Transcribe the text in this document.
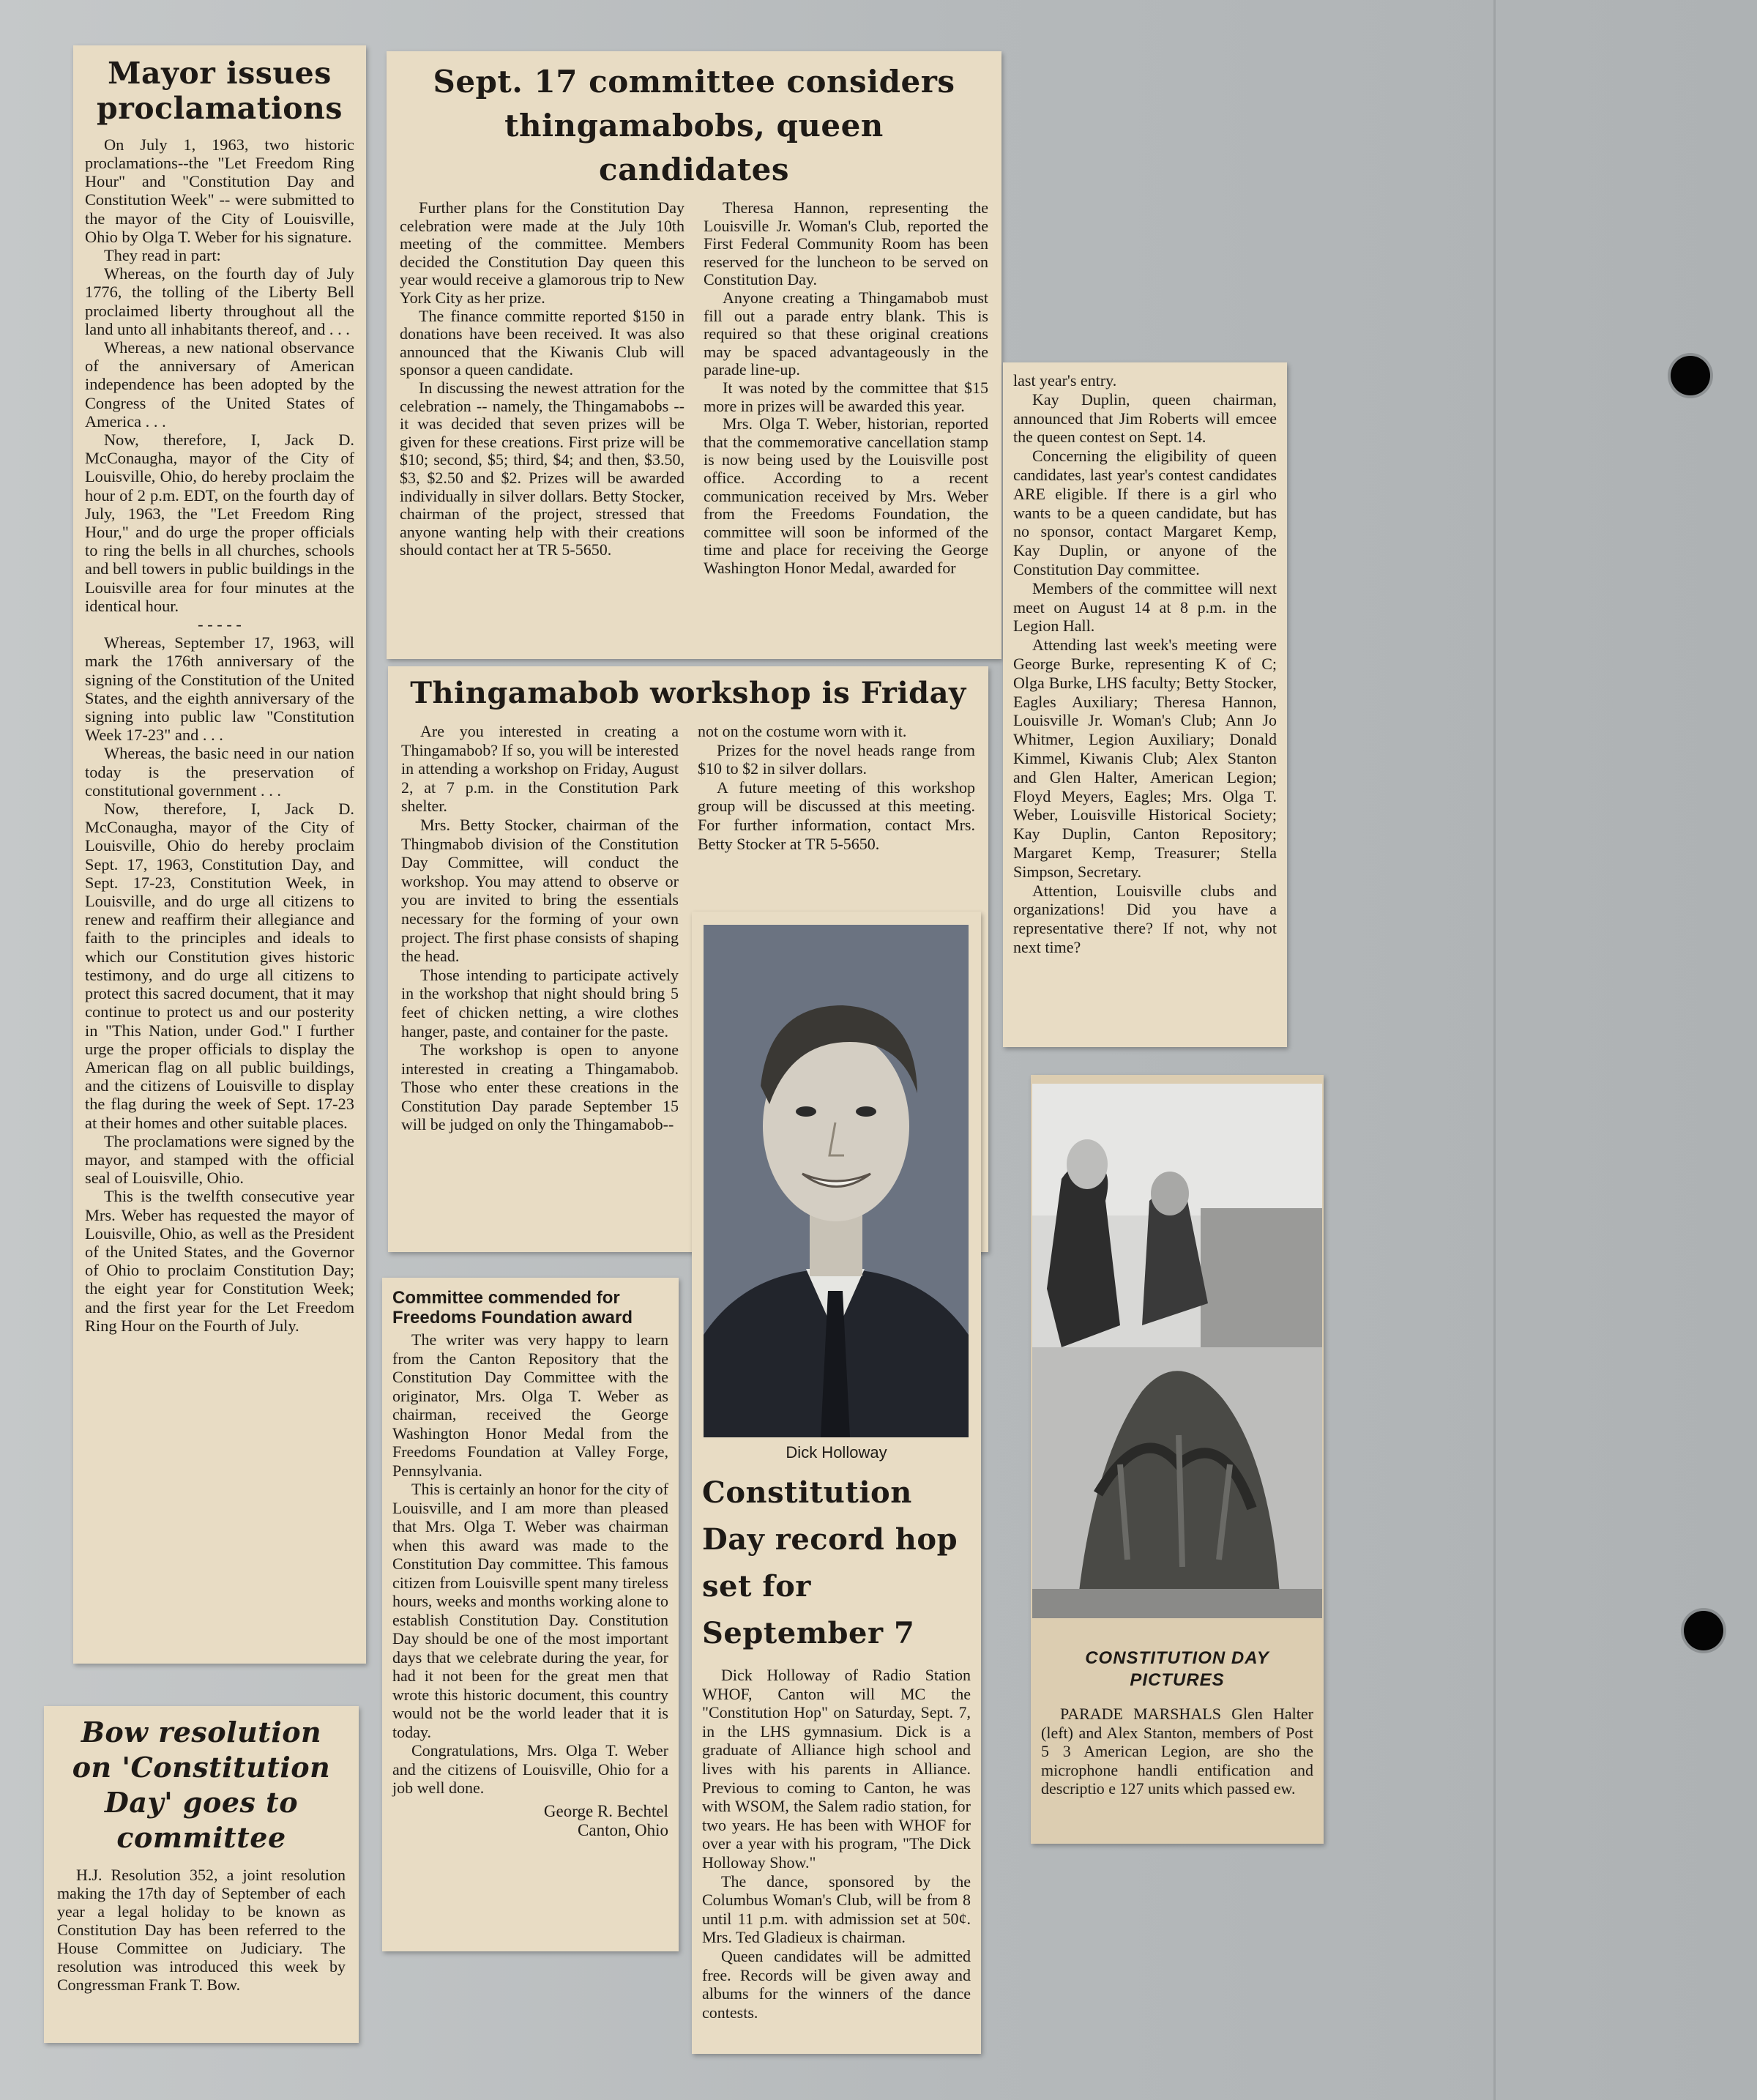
Mayor issues proclamations

On July 1, 1963, two historic proclamations--the "Let Freedom Ring Hour" and "Constitution Day and Constitution Week" -- were submitted to the mayor of the City of Louisville, Ohio by Olga T. Weber for his signature.

They read in part:

Whereas, on the fourth day of July 1776, the tolling of the Liberty Bell proclaimed liberty throughout all the land unto all inhabitants thereof, and . . .

Whereas, a new national observance of the anniversary of American independence has been adopted by the Congress of the United States of America . . .

Now, therefore, I, Jack D. McConaugha, mayor of the City of Louisville, Ohio, do hereby proclaim the hour of 2 p.m. EDT, on the fourth day of July, 1963, the "Let Freedom Ring Hour," and do urge the proper officials to ring the bells in all churches, schools and bell towers in public buildings in the Louisville area for four minutes at the identical hour.

- - - - -

Whereas, September 17, 1963, will mark the 176th anniversary of the signing of the Constitution of the United States, and the eighth anniversary of the signing into public law "Constitution Week 17-23" and . . .

Whereas, the basic need in our nation today is the preservation of constitutional government . . .

Now, therefore, I, Jack D. McConaugha, mayor of the City of Louisville, Ohio do hereby proclaim Sept. 17, 1963, Constitution Day, and Sept. 17-23, Constitution Week, in Louisville, and do urge all citizens to renew and reaffirm their allegiance and faith to the principles and ideals to which our Constitution gives historic testimony, and do urge all citizens to protect this sacred document, that it may continue to protect us and our posterity in "This Nation, under God." I further urge the proper officials to display the American flag on all public buildings, and the citizens of Louisville to display the flag during the week of Sept. 17-23 at their homes and other suitable places.

The proclamations were signed by the mayor, and stamped with the official seal of Louisville, Ohio.

This is the twelfth consecutive year Mrs. Weber has requested the mayor of Louisville, Ohio, as well as the President of the United States, and the Governor of Ohio to proclaim Constitution Day; the eight year for Constitution Week; and the first year for the Let Freedom Ring Hour on the Fourth of July.

Bow resolution on 'Constitution Day' goes to committee

H.J. Resolution 352, a joint resolution making the 17th day of September of each year a legal holiday to be known as Constitution Day has been referred to the House Committee on Judiciary. The resolution was introduced this week by Congressman Frank T. Bow.

Sept. 17 committee considers thingamabobs, queen candidates

Further plans for the Constitution Day celebration were made at the July 10th meeting of the committee. Members decided the Constitution Day queen this year would receive a glamorous trip to New York City as her prize.

The finance committe reported $150 in donations have been received. It was also announced that the Kiwanis Club will sponsor a queen candidate.

In discussing the newest attration for the celebration -- namely, the Thingamabobs -- it was decided that seven prizes will be given for these creations. First prize will be $10; second, $5; third, $4; and then, $3.50, $3, $2.50 and $2. Prizes will be awarded individually in silver dollars. Betty Stocker, chairman of the project, stressed that anyone wanting help with their creations should contact her at TR 5-5650.

Theresa Hannon, representing the Louisville Jr. Woman's Club, reported the First Federal Community Room has been reserved for the luncheon to be served on Constitution Day.

Anyone creating a Thingamabob must fill out a parade entry blank. This is required so that these original creations may be spaced advantageously in the parade line-up.

It was noted by the committee that $15 more in prizes will be awarded this year.

Mrs. Olga T. Weber, historian, reported that the commemorative cancellation stamp is now being used by the Louisville post office. According to a recent communication received by Mrs. Weber from the Freedoms Foundation, the committee will soon be informed of the time and place for receiving the George Washington Honor Medal, awarded for

last year's entry.

Kay Duplin, queen chairman, announced that Jim Roberts will emcee the queen contest on Sept. 14.

Concerning the eligibility of queen candidates, last year's contest candidates ARE eligible. If there is a girl who wants to be a queen candidate, but has no sponsor, contact Margaret Kemp, Kay Duplin, or anyone of the Constitution Day committee.

Members of the committee will next meet on August 14 at 8 p.m. in the Legion Hall.

Attending last week's meeting were George Burke, representing K of C; Olga Burke, LHS faculty; Betty Stocker, Eagles Auxiliary; Theresa Hannon, Louisville Jr. Woman's Club; Ann Jo Whitmer, Legion Auxiliary; Donald Kimmel, Kiwanis Club; Alex Stanton and Glen Halter, American Legion; Floyd Meyers, Eagles; Mrs. Olga T. Weber, Louisville Historical Society; Kay Duplin, Canton Repository; Margaret Kemp, Treasurer; Stella Simpson, Secretary.

Attention, Louisville clubs and organizations! Did you have a representative there? If not, why not next time?

Thingamabob workshop is Friday

Are you interested in creating a Thingamabob? If so, you will be interested in attending a workshop on Friday, August 2, at 7 p.m. in the Constitution Park shelter.

Mrs. Betty Stocker, chairman of the Thingmabob division of the Constitution Day Committee, will conduct the workshop. You may attend to observe or you are invited to bring the essentials necessary for the forming of your own project. The first phase consists of shaping the head.

Those intending to participate actively in the workshop that night should bring 5 feet of chicken netting, a wire clothes hanger, paste, and container for the paste.

The workshop is open to anyone interested in creating a Thingamabob. Those who enter these creations in the Constitution Day parade September 15 will be judged on only the Thingamabob--

not on the costume worn with it.

Prizes for the novel heads range from $10 to $2 in silver dollars.

A future meeting of this workshop group will be discussed at this meeting. For further information, contact Mrs. Betty Stocker at TR 5-5650.

Committee commended for Freedoms Foundation award

The writer was very happy to learn from the Canton Repository that the Constitution Day Committee with the originator, Mrs. Olga T. Weber as chairman, received the George Washington Honor Medal from the Freedoms Foundation at Valley Forge, Pennsylvania.

This is certainly an honor for the city of Louisville, and I am more than pleased that Mrs. Olga T. Weber was chairman when this award was made to the Constitution Day committee. This famous citizen from Louisville spent many tireless hours, weeks and months working alone to establish Constitution Day. Constitution Day should be one of the most important days that we celebrate during the year, for had it not been for the great men that wrote this historic document, this country would not be the world leader that it is today.

Congratulations, Mrs. Olga T. Weber and the citizens of Louisville, Ohio for a job well done.

George R. Bechtel
Canton, Ohio
Dick Holloway
Constitution Day record hop set for September 7

Dick Holloway of Radio Station WHOF, Canton will MC the "Constitution Hop" on Saturday, Sept. 7, in the LHS gymnasium. Dick is a graduate of Alliance high school and lives with his parents in Alliance. Previous to coming to Canton, he was with WSOM, the Salem radio station, for two years. He has been with WHOF for over a year with his program, "The Dick Holloway Show."

The dance, sponsored by the Columbus Woman's Club, will be from 8 until 11 p.m. with admission set at 50¢. Mrs. Ted Gladieux is chairman.

Queen candidates will be admitted free. Records will be given away and albums for the winners of the dance contests.

CONSTITUTION DAY
PICTURES

PARADE MARSHALS Glen Halter (left) and Alex Stanton, members of Post 5 3 American Legion, are sho the microphone handli entification and descriptio e 127 units which passed ew.
